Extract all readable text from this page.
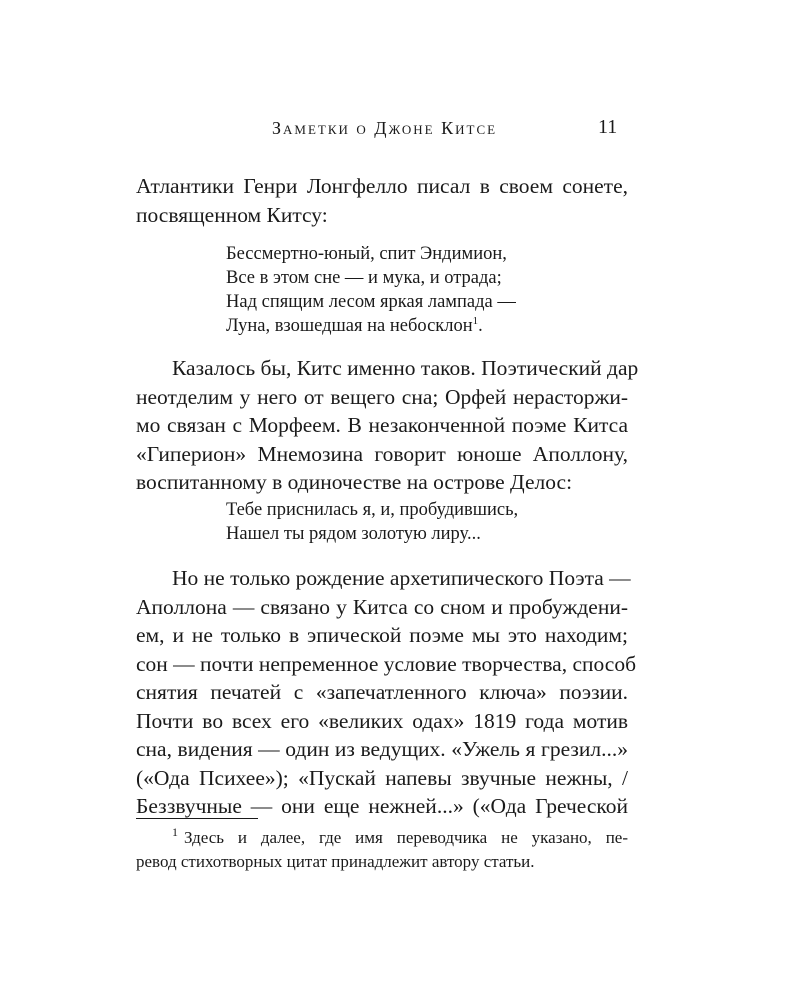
Заметки о Джоне Китсе	11
Атлантики Генри Лонгфелло писал в своем сонете,
посвященном Китсу:
Бессмертно-юный, спит Эндимион,
Все в этом сне — и мука, и отрада;
Над спящим лесом яркая лампада —
Луна, взошедшая на небосклон$^1$.
Казалось бы, Китс именно таков. Поэтический дар
неотделим у него от вещего сна; Орфей нерасторжи-
мо связан с Морфеем. В незаконченной поэме Китса
«Гиперион» Мнемозина говорит юноше Аполлону,
воспитанному в одиночестве на острове Делос:
Тебе приснилась я, и, пробудившись,
Нашел ты рядом золотую лиру...
Но не только рождение архетипического Поэта —
Аполлона — связано у Китса со сном и пробуждени-
ем, и не только в эпической поэме мы это находим;
сон — почти непременное условие творчества, способ
снятия печатей с «запечатленного ключа» поэзии.
Почти во всех его «великих одах» 1819 года мотив
сна, видения — один из ведущих. «Ужель я грезил...»
(«Ода Психее»); «Пускай напевы звучные нежны, /
Беззвучные — они еще нежней...» («Ода Греческой
$^1$ Здесь и далее, где имя переводчика не указано, пе-
ревод стихотворных цитат принадлежит автору статьи.
